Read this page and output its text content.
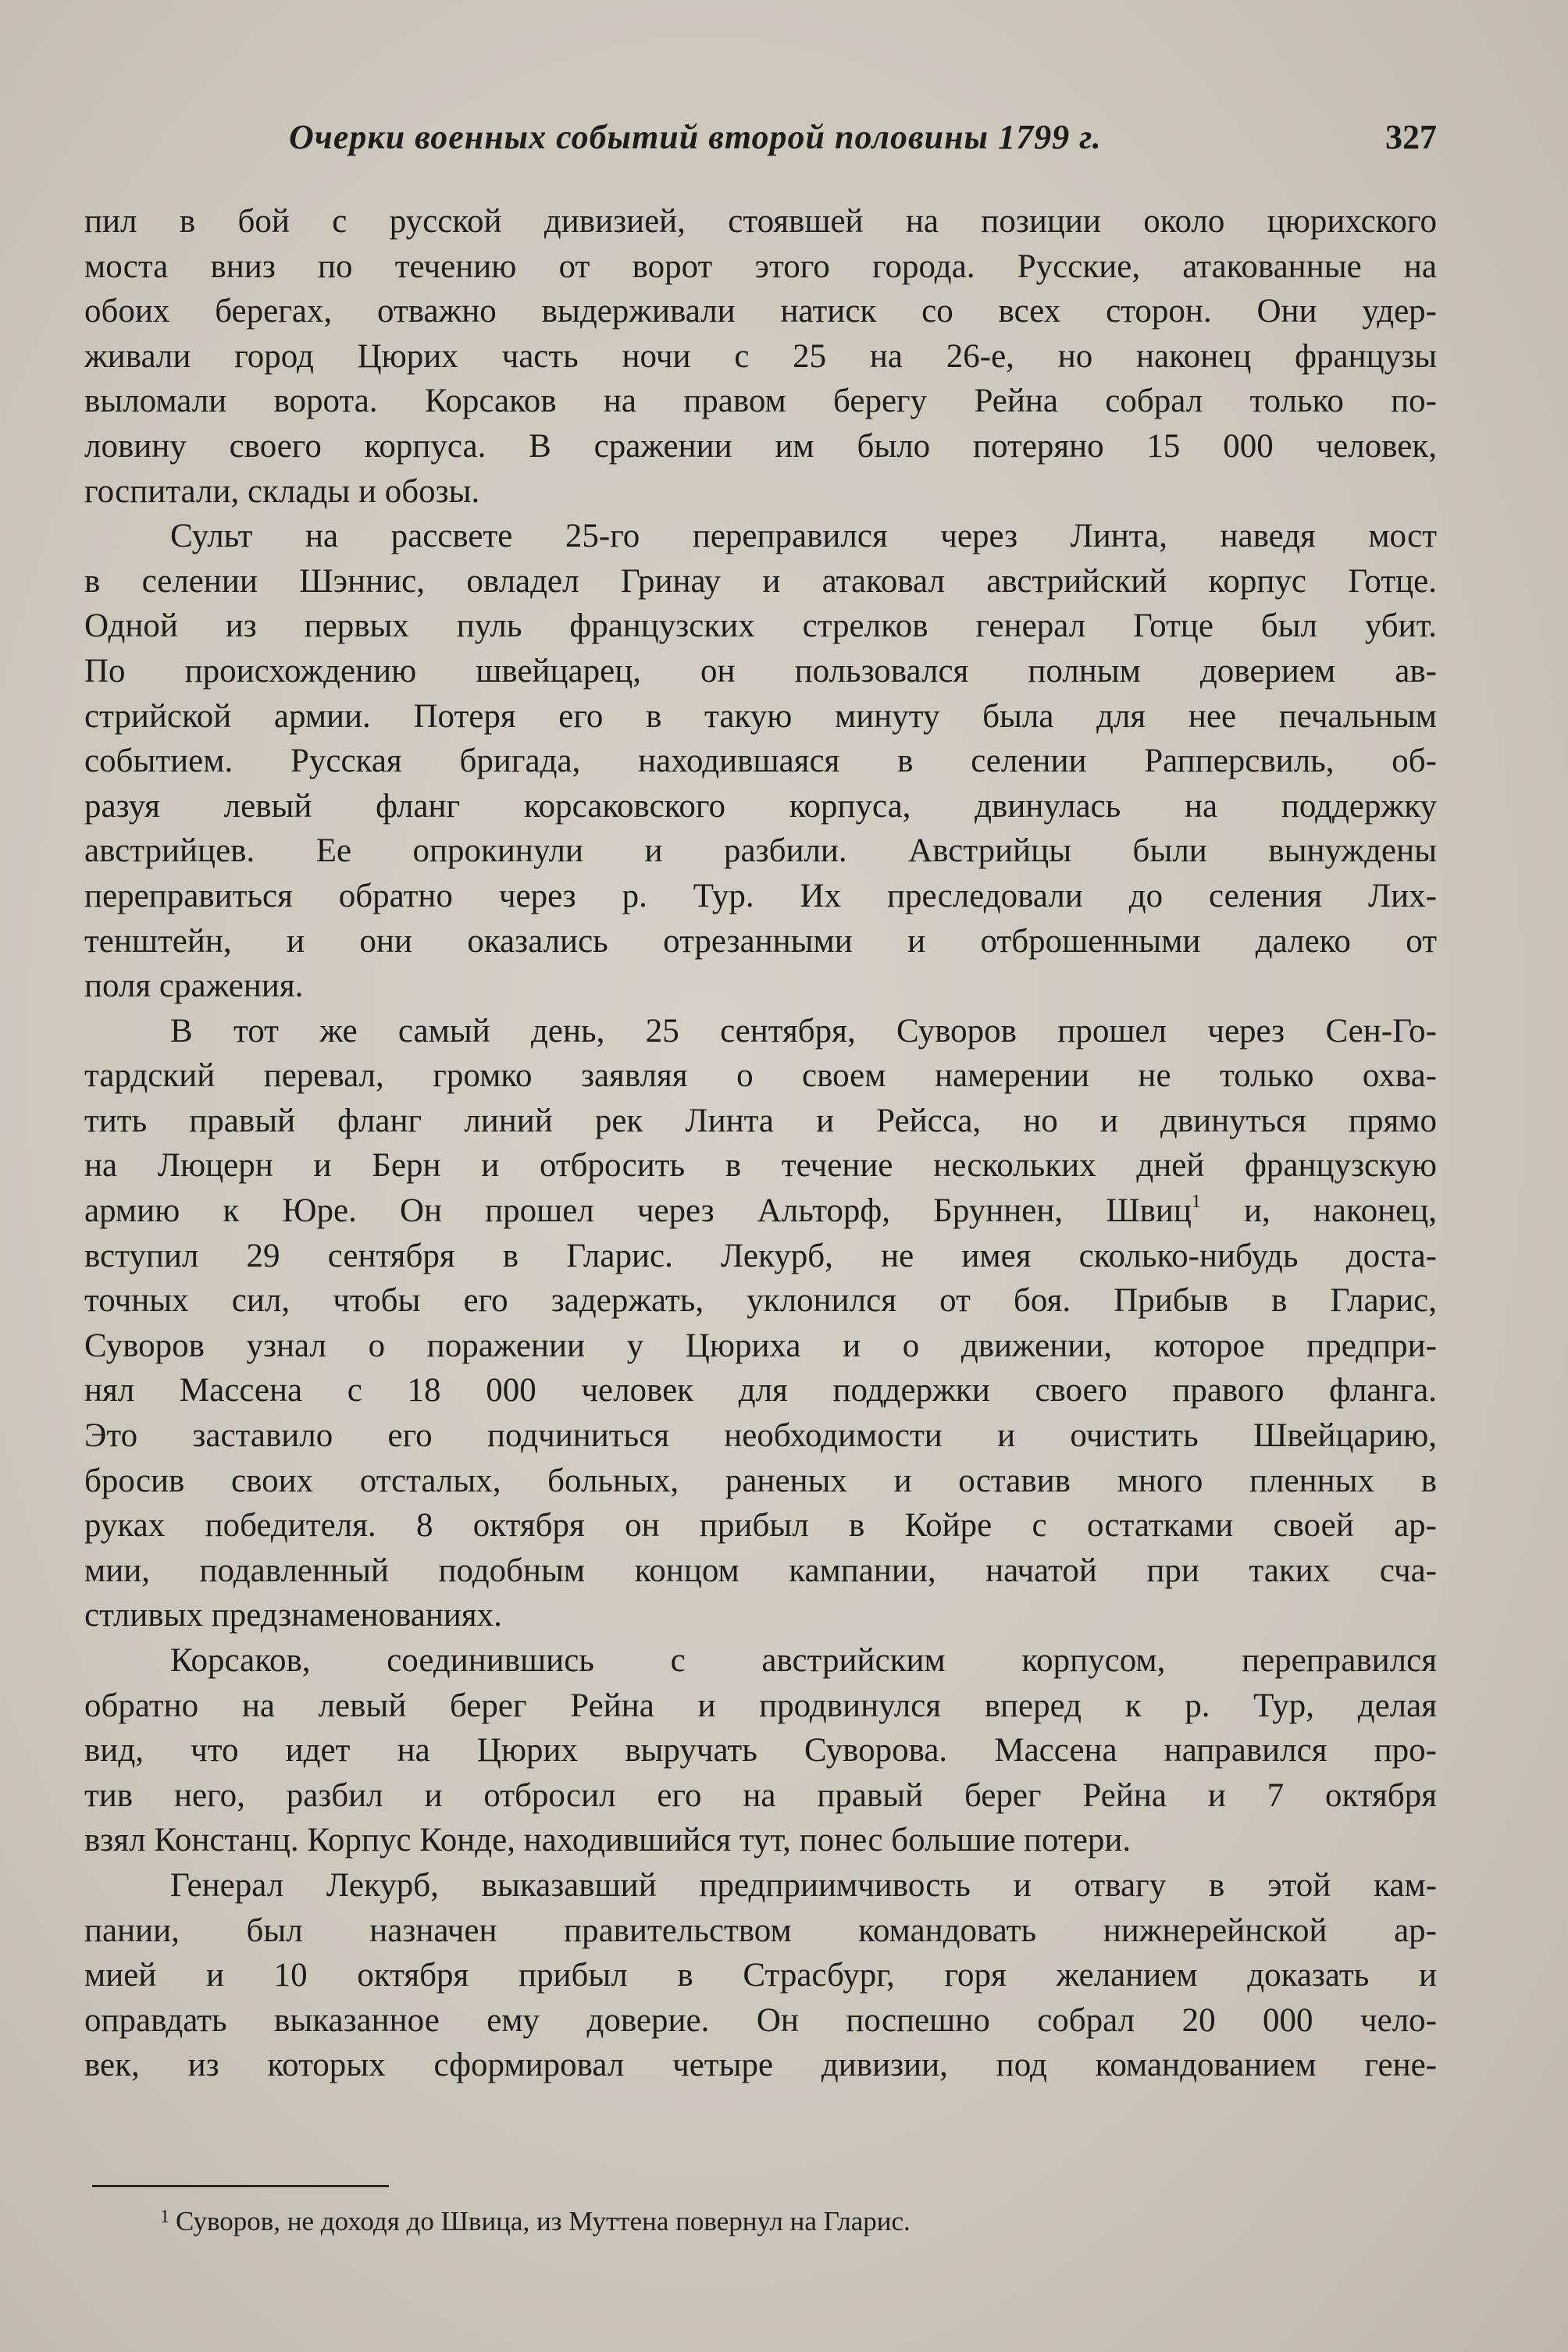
Очерки военных событий второй половины 1799 г.	327
пил в бой с русской дивизией, стоявшей на позиции около цюрихского
моста вниз по течению от ворот этого города. Русские, атакованные на
обоих берегах, отважно выдерживали натиск со всех сторон. Они удер-
живали город Цюрих часть ночи с 25 на 26-е, но наконец французы
выломали ворота. Корсаков на правом берегу Рейна собрал только по-
ловину своего корпуса. В сражении им было потеряно 15 000 человек,
госпитали, склады и обозы.
Сульт на рассвете 25-го переправился через Линта, наведя мост
в селении Шэннис, овладел Гринау и атаковал австрийский корпус Готце.
Одной из первых пуль французских стрелков генерал Готце был убит.
По происхождению швейцарец, он пользовался полным доверием ав-
стрийской армии. Потеря его в такую минуту была для нее печальным
событием. Русская бригада, находившаяся в селении Рапперсвиль, об-
разуя левый фланг корсаковского корпуса, двинулась на поддержку
австрийцев. Ее опрокинули и разбили. Австрийцы были вынуждены
переправиться обратно через р. Тур. Их преследовали до селения Лих-
тенштейн, и они оказались отрезанными и отброшенными далеко от
поля сражения.
В тот же самый день, 25 сентября, Суворов прошел через Сен-Го-
тардский перевал, громко заявляя о своем намерении не только охва-
тить правый фланг линий рек Линта и Рейсса, но и двинуться прямо
на Люцерн и Берн и отбросить в течение нескольких дней французскую
армию к Юре. Он прошел через Альторф, Бруннен, Швиц$^1$ и, наконец,
вступил 29 сентября в Гларис. Лекурб, не имея сколько-нибудь доста-
точных сил, чтобы его задержать, уклонился от боя. Прибыв в Гларис,
Суворов узнал о поражении у Цюриха и о движении, которое предпри-
нял Массена с 18 000 человек для поддержки своего правого фланга.
Это заставило его подчиниться необходимости и очистить Швейцарию,
бросив своих отсталых, больных, раненых и оставив много пленных в
руках победителя. 8 октября он прибыл в Койре с остатками своей ар-
мии, подавленный подобным концом кампании, начатой при таких сча-
стливых предзнаменованиях.
Корсаков, соединившись с австрийским корпусом, переправился
обратно на левый берег Рейна и продвинулся вперед к р. Тур, делая
вид, что идет на Цюрих выручать Суворова. Массена направился про-
тив него, разбил и отбросил его на правый берег Рейна и 7 октября
взял Констанц. Корпус Конде, находившийся тут, понес большие потери.
Генерал Лекурб, выказавший предприимчивость и отвагу в этой кам-
пании, был назначен правительством командовать нижнерейнской ар-
мией и 10 октября прибыл в Страсбург, горя желанием доказать и
оправдать выказанное ему доверие. Он поспешно собрал 20 000 чело-
век, из которых сформировал четыре дивизии, под командованием гене-
$^1$ Суворов, не доходя до Швица, из Муттена повернул на Гларис.
